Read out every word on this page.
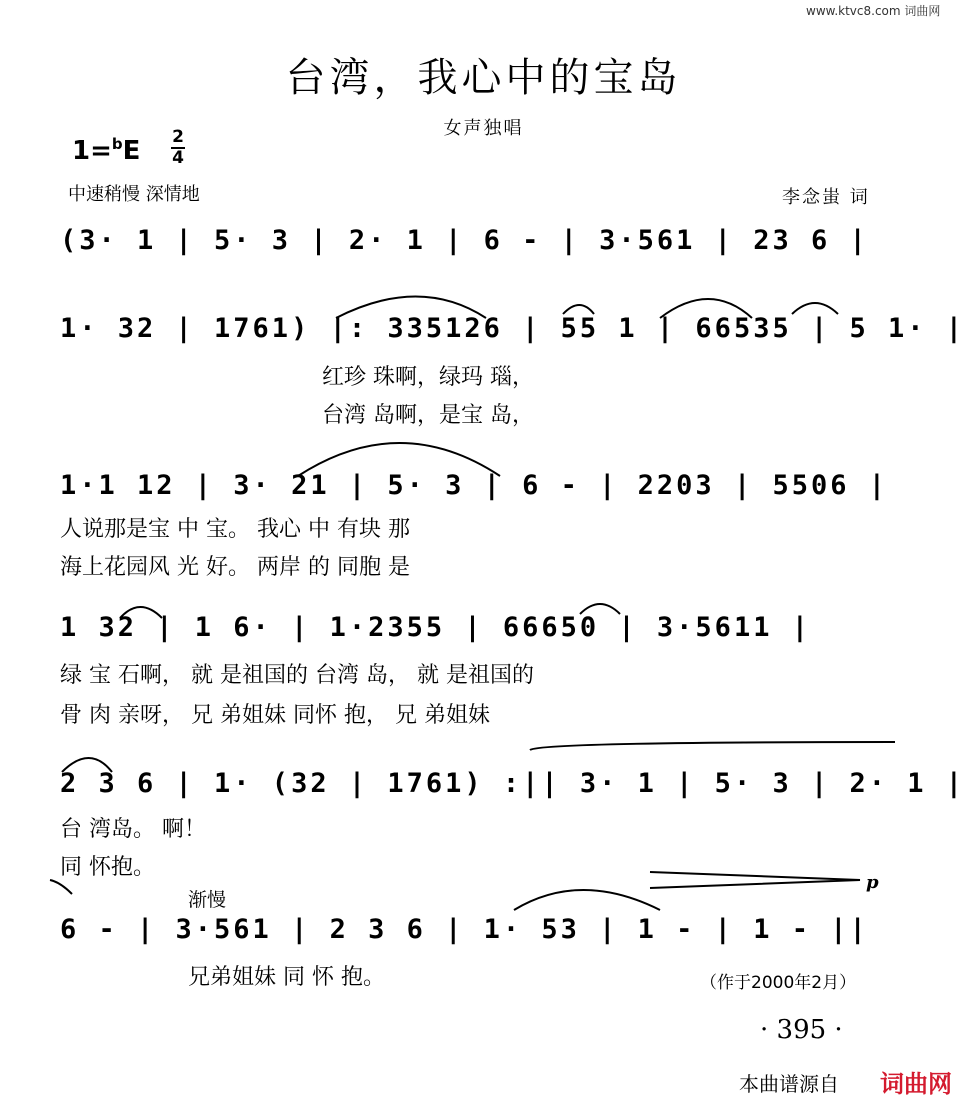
www.ktvc8.com 词曲网
台湾，我心中的宝岛
女声独唱
1=$^b$E 2
4
中速稍慢 深情地	李念蚩 词
(3· 1 | 5· 3 | 2· 1 | 6 - | 3·561 | 23 6 |
1· 32 | 1761) |: 335126 | 55 1 | 66535 | 5 1· |
红珍 珠啊，绿玛 瑙，
台湾 岛啊，是宝 岛，
1·1 12 | 3· 21 | 5· 3 | 6 - | 2203 | 5506 |
人说那是宝 中 宝。 我心 中 有块 那
海上花园风 光 好。 两岸 的 同胞 是
1 32 | 1 6· | 1·2355 | 66650 | 3·5611 |
绿 宝 石啊， 就 是祖国的 台湾 岛， 就 是祖国的
骨 肉 亲呀， 兄 弟姐妹 同怀 抱， 兄 弟姐妹
2 3 6 | 1· (32 | 1761) :|| 3· 1 | 5· 3 | 2· 1 |
台 湾岛。 啊！
同 怀抱。
渐慢
p
6 - | 3·561 | 2 3 6 | 1· 53 | 1 - | 1 - ||
兄弟姐妹 同 怀 抱。	（作于2000年2月）
· 395 ·
本曲谱源自 词曲网
